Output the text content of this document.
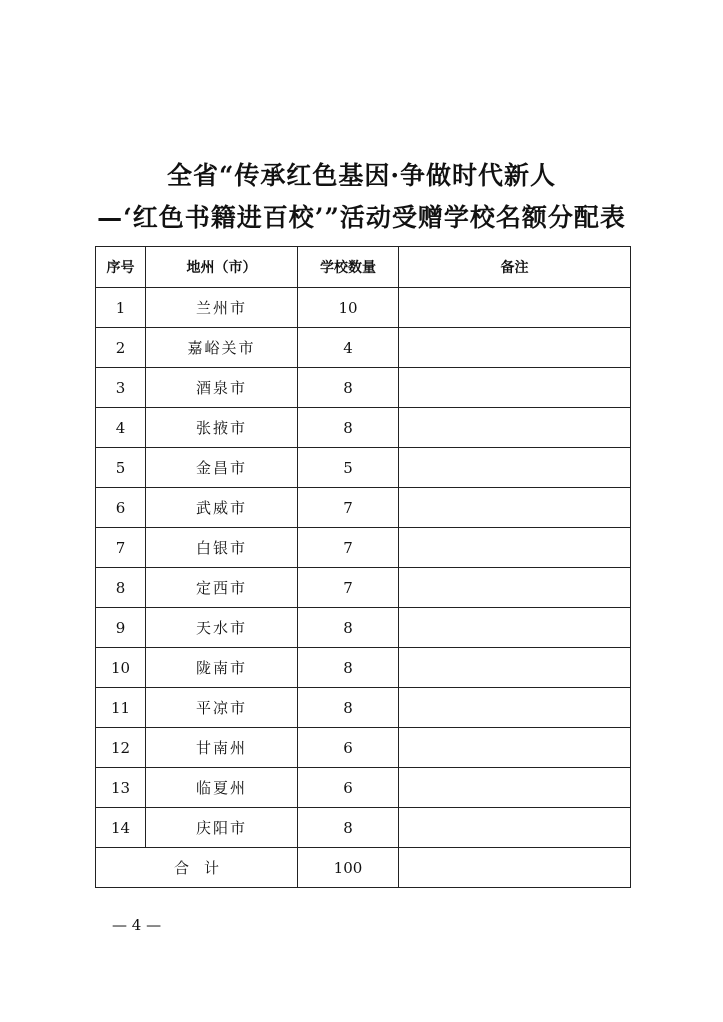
全省“传承红色基因·争做时代新人
—‘红色书籍进百校’”活动受赠学校名额分配表
序号	地州（市）	学校数量	备注
1	兰州市	10	
2	嘉峪关市	4	
3	酒泉市	8	
4	张掖市	8	
5	金昌市	5	
6	武威市	7	
7	白银市	7	
8	定西市	7	
9	天水市	8	
10	陇南市	8	
11	平凉市	8	
12	甘南州	6	
13	临夏州	6	
14	庆阳市	8	
合　计		100	
— 4 —
